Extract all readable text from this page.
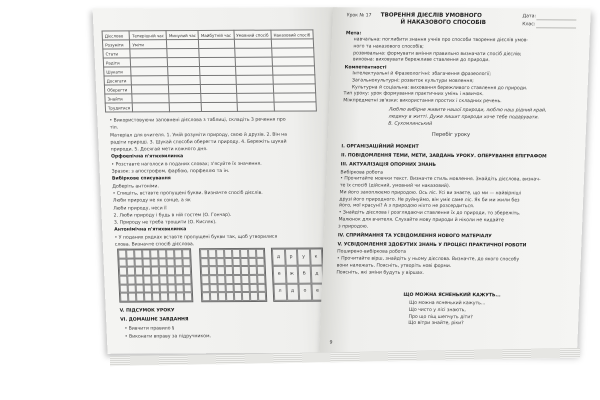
Дієслово	Теперішній час	Минулий час	Майбутній час	Умовний спосіб	Наказовий спосіб
Розуміти	Уміти				
Стати					
Радіти					
Шукати					
Досягати					
Оберегти					
Знайти					
Трудитися					
• Використовуючи заповнені дієслова з таблиці, складіть 3 речення про
тіл.
Матеріал для вчителя. 1. Умій розуміти природу, свою й друзів. 2. Він на
радіти природі. 3. Шукай способи оберегти природу. 4. Бережіть шукай
природи. 5. Досягай мети кожного дня.
Орфоепічна п'ятихвилинка
• Розставте наголоси в поданих словах; з'ясуйте їх значення.
Зразок: з апострофом, фарбою, порфеллю та ін.
Вибіркове списування
Доберіть антоніми.
• Спишіть, вставте пропущені букви. Визначте спосіб дієслів.
Люби природу не як сонце, а як
Люби природу, неси її
2. Люби природу і будь в ній гостем (О. Гончар).
3. Природу не треба трощити (О. Кисляк).
Антонімічна п'ятихвилинка
• У поданих рядках вставте пропущені букви так, щоб утворилися
слова. Визначте спосіб дієслова.
д	р	у	к
е	ж	б	д
л	д	о	е
V. ПІДСУМОК УРОКУ
VI. ДОМАШНЄ ЗАВДАННЯ
• Вивчити правило §
• Виконати вправу за підручником.
Урок № 17 ТВОРЕННЯ ДІЄСЛІВ УМОВНОГО
Й НАКАЗОВОГО СПОСОБІВ
Дата:
Клас:
Мета:
навчальна: поглибити знання учнів про способи творення дієслів умов-
ного та наказового способів;
розвивальна: формувати вміння правильно визначати спосіб дієслів;
виховна: виховувати бережливе ставлення до природи.
Компетентності
Інтелектуальні й Фразеологічні: збагачення фразеології;
Загальнокультурні: розвиток культури мовлення;
Культурна й соціальна: виховання бережливого ставлення до природи.
Тип уроку: урок формування практичних умінь і навичок.
Міжпредметні зв'язки: використання простих і складних речень.
Люблю вибірне живите нашої природи, люблю наш рідний край,
людину в житті. Дуже лишит природи хоче тебе подарувати.
В. Сухомлинський
Перебіг уроку
І. ОРГАНІЗАЦІЙНИЙ МОМЕНТ
ІІ. ПОВІДОМЛЕННЯ ТЕМИ, МЕТИ, ЗАВДАНЬ УРОКУ. ОПЕРУВАННЯ ЕПІГРАФОМ
ІІІ. АКТУАЛІЗАЦІЯ ОПОРНИХ ЗНАНЬ
Вибіркова робота
• Прочитайте мовчки текст. Визначте стиль мовлення. Знайдіть дієслова, визнач-
те їх спосіб (дійсний, умовний чи наказовий).
Ми його захоплюємо природою. Ось ліс. Усі ви знаєте, що ми — найвірніші
друзі його природного. Не руйнуймо, він уміє саме ліс. Як би ми жили без
його, мої красуні? А з природою ніхто не розсердиться.
• Знайдіть дієслова і розглядаючи ставлення їх до природи, то збережіть.
Малюнок для вчителя. Слухайте мову природи й ніколи не кидайте
з природою.
IV. СПРИЙМАННЯ ТА УСВІДОМЛЕННЯ НОВОГО МАТЕРІАЛУ
V. УСВІДОМЛЕННЯ ЗДОБУТИХ ЗНАНЬ У ПРОЦЕСІ ПРАКТИЧНОЇ РОБОТИ
Поширено-вибіркова робота
• Прочитайте вірш, знайдіть у ньому дієслова. Визначте, до якого способу
вони належать. Поясніть, утворіть нові форми.
Поясніть, які зміни будуть у віршах.
ЩО МОЖНА ЯСНЕНЬКИЙ КАЖУТЬ...
Що можна ясненький кажуть...
Що чисто у лісі знають,
Про що піщ шепчуть діти?
Що вітри знайте, ріки?
9
